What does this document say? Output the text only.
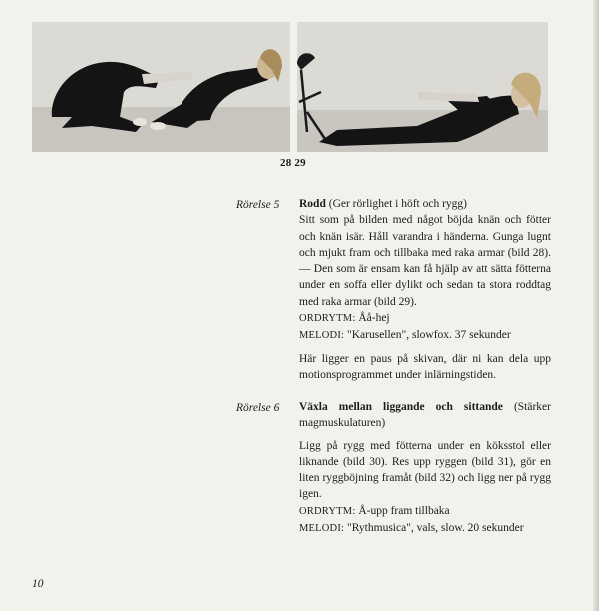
28 29
Rörelse 5 Rodd (Ger rörlighet i höft och rygg)

Sitt som på bilden med något böjda knän och fötter och knän isär. Håll varandra i händerna. Gunga lugnt och mjukt fram och tillbaka med raka armar (bild 28). — Den som är ensam kan få hjälp av att sätta fötterna under en soffa eller dylikt och sedan ta stora roddtag med raka armar (bild 29).

ORDRYTM: Åå-hej

MELODI: "Karusellen", slowfox. 37 sekunder

Här ligger en paus på skivan, där ni kan dela upp motionsprogrammet under inlärningstiden.

Rörelse 6 Växla mellan liggande och sittande (Stärker magmuskulaturen)

Ligg på rygg med fötterna under en köksstol eller liknande (bild 30). Res upp ryggen (bild 31), gör en liten ryggböjning framåt (bild 32) och ligg ner på rygg igen.

ORDRYTM: Å-upp fram tillbaka

MELODI: "Rythmusica", vals, slow. 20 sekunder

10
